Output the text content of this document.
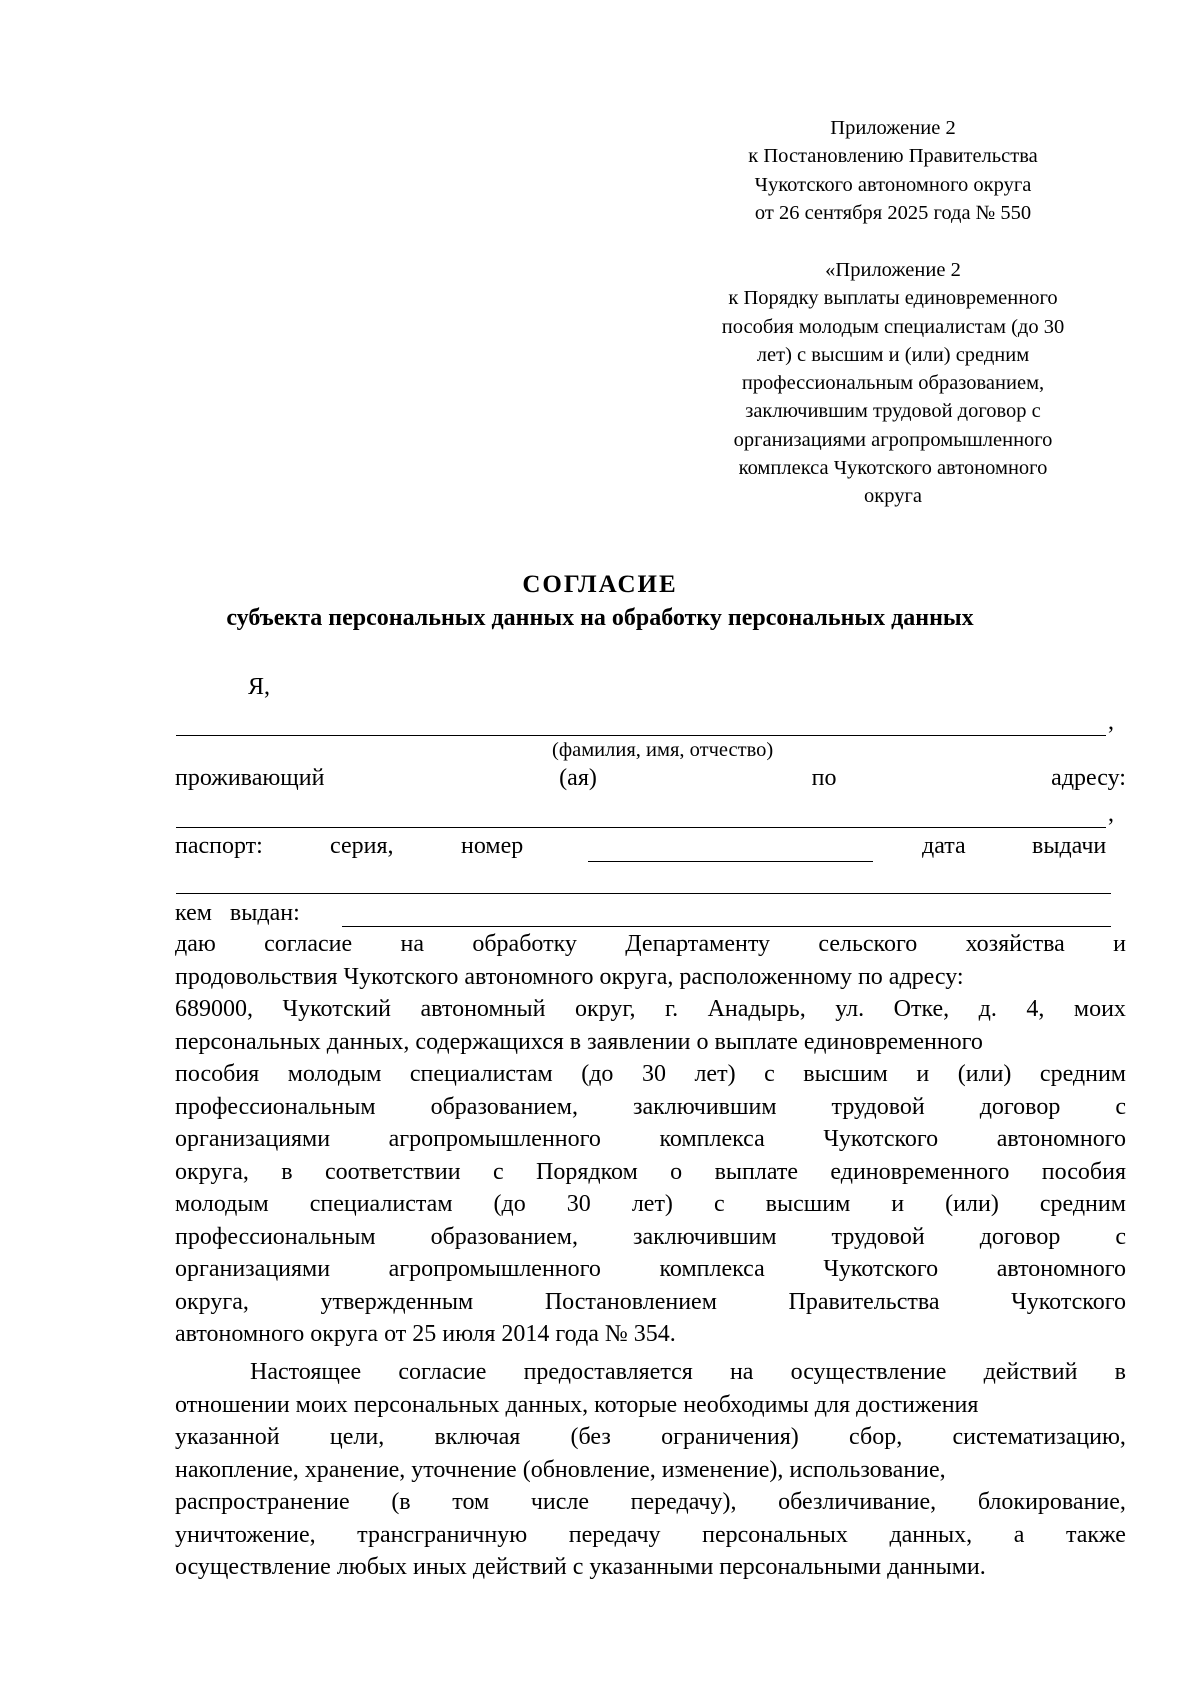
Приложение 2
к Постановлению Правительства
Чукотского автономного округа
от 26 сентября 2025 года № 550
«Приложение 2
к Порядку выплаты единовременного
пособия молодым специалистам (до 30
лет) с высшим и (или) средним
профессиональным образованием,
заключившим трудовой договор с
организациями агропромышленного
комплекса Чукотского автономного
округа
СОГЛАСИЕ
субъекта персональных данных на обработку персональных данных
Я,
,
(фамилия, имя, отчество)
проживающий	(ая)	по	адресу:
,
паспорт:	серия,	номер	дата	выдачи
кем   выдан:
даю согласие на обработку Департаменту сельского хозяйства и
продовольствия Чукотского автономного округа, расположенному по адресу:
689000, Чукотский автономный округ, г. Анадырь, ул. Отке, д. 4, моих
персональных данных, содержащихся в заявлении о выплате единовременного
пособия молодым специалистам (до 30 лет) с высшим и (или) средним
профессиональным образованием, заключившим трудовой договор с
организациями агропромышленного комплекса Чукотского автономного
округа, в соответствии с Порядком о выплате единовременного пособия
молодым специалистам (до 30 лет) с высшим и (или) средним
профессиональным образованием, заключившим трудовой договор с
организациями агропромышленного комплекса Чукотского автономного
округа,	утвержденным	Постановлением	Правительства	Чукотского
автономного округа от 25 июля 2014 года № 354.
Настоящее согласие предоставляется на осуществление действий в
отношении моих персональных данных, которые необходимы для достижения
указанной цели, включая (без ограничения) сбор, систематизацию,
накопление, хранение, уточнение (обновление, изменение), использование,
распространение (в том числе передачу), обезличивание, блокирование,
уничтожение, трансграничную передачу персональных данных, а также
осуществление любых иных действий с указанными персональными данными.
